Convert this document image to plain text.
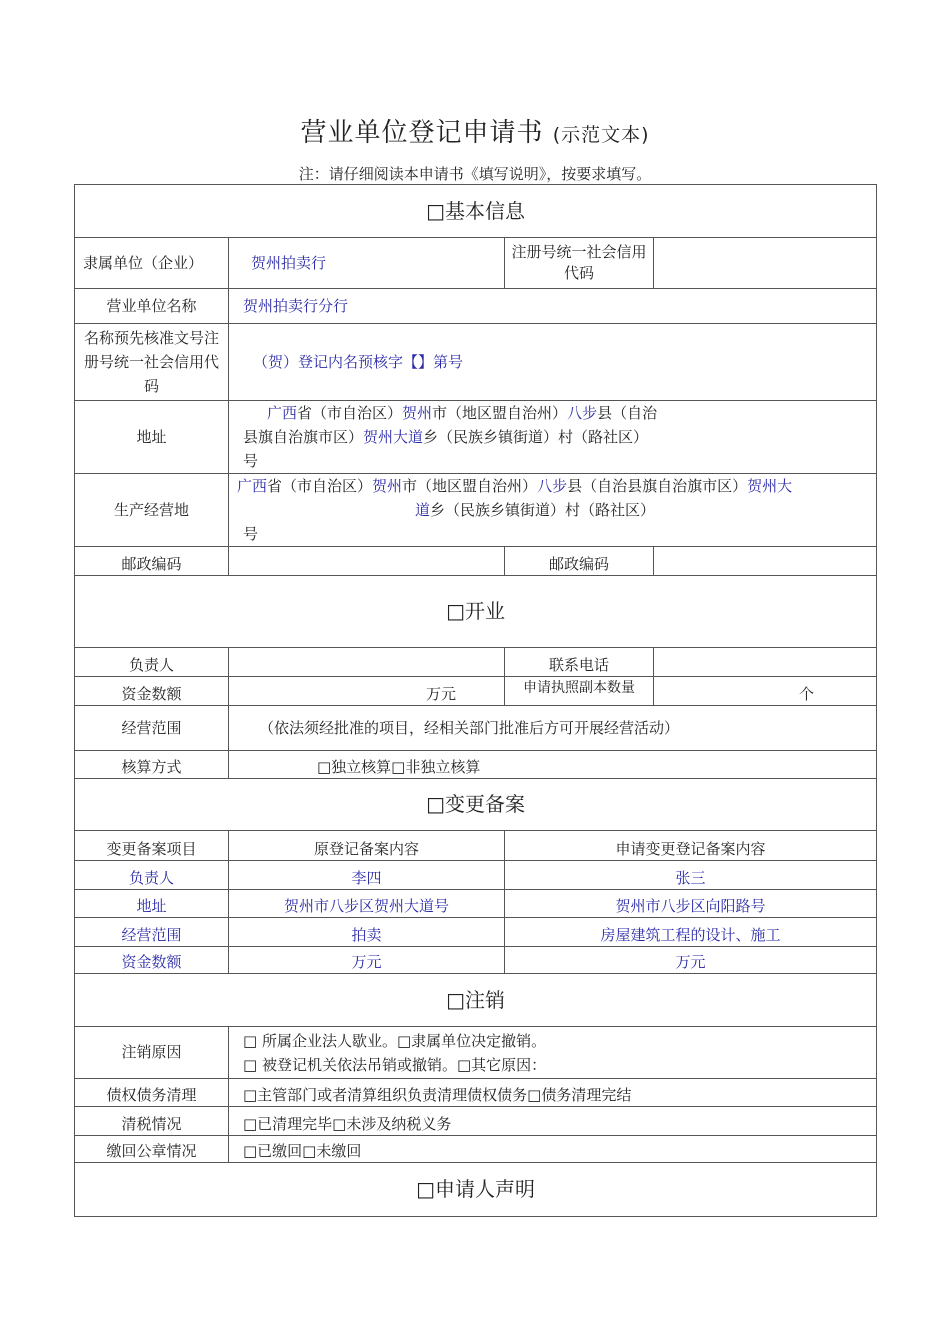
营业单位登记申请书 (示范文本)
注：请仔细阅读本申请书《填写说明》，按要求填写。
□基本信息			
隶属单位（企业）	贺州拍卖行	注册号统一社会信用代码	
营业单位名称	贺州拍卖行分行		
名称预先核准文号注册号统一社会信用代码	（贺）登记内名预核字【】第号		
地址	广西省（市自治区）贺州市（地区盟自治州）八步县（自治
县旗自治旗市区）贺州大道乡（民族乡镇街道）村（路社区）
号		

生产经营地	广西省（市自治区）贺州市（地区盟自治州）八步县（自治县旗自治旗市区）贺州大
道乡（民族乡镇街道）村（路社区）
号		

邮政编码		邮政编码	
□开业			
负责人		联系电话	
资金数额	万元	申请执照副本数量	个
经营范围	（依法须经批准的项目，经相关部门批准后方可开展经营活动）		
核算方式	□独立核算□非独立核算		
□变更备案			
变更备案项目	原登记备案内容	申请变更登记备案内容	
负责人	李四	张三	
地址	贺州市八步区贺州大道号	贺州市八步区向阳路号	
经营范围	拍卖	房屋建筑工程的设计、施工	
资金数额	万元	万元	
□注销			
注销原因	□ 所属企业法人歇业。□隶属单位决定撤销。
□ 被登记机关依法吊销或撤销。□其它原因：		

债权债务清理	□主管部门或者清算组织负责清理债权债务□债务清理完结		
清税情况	□已清理完毕□未涉及纳税义务		
缴回公章情况	□已缴回□未缴回		
□申请人声明			
